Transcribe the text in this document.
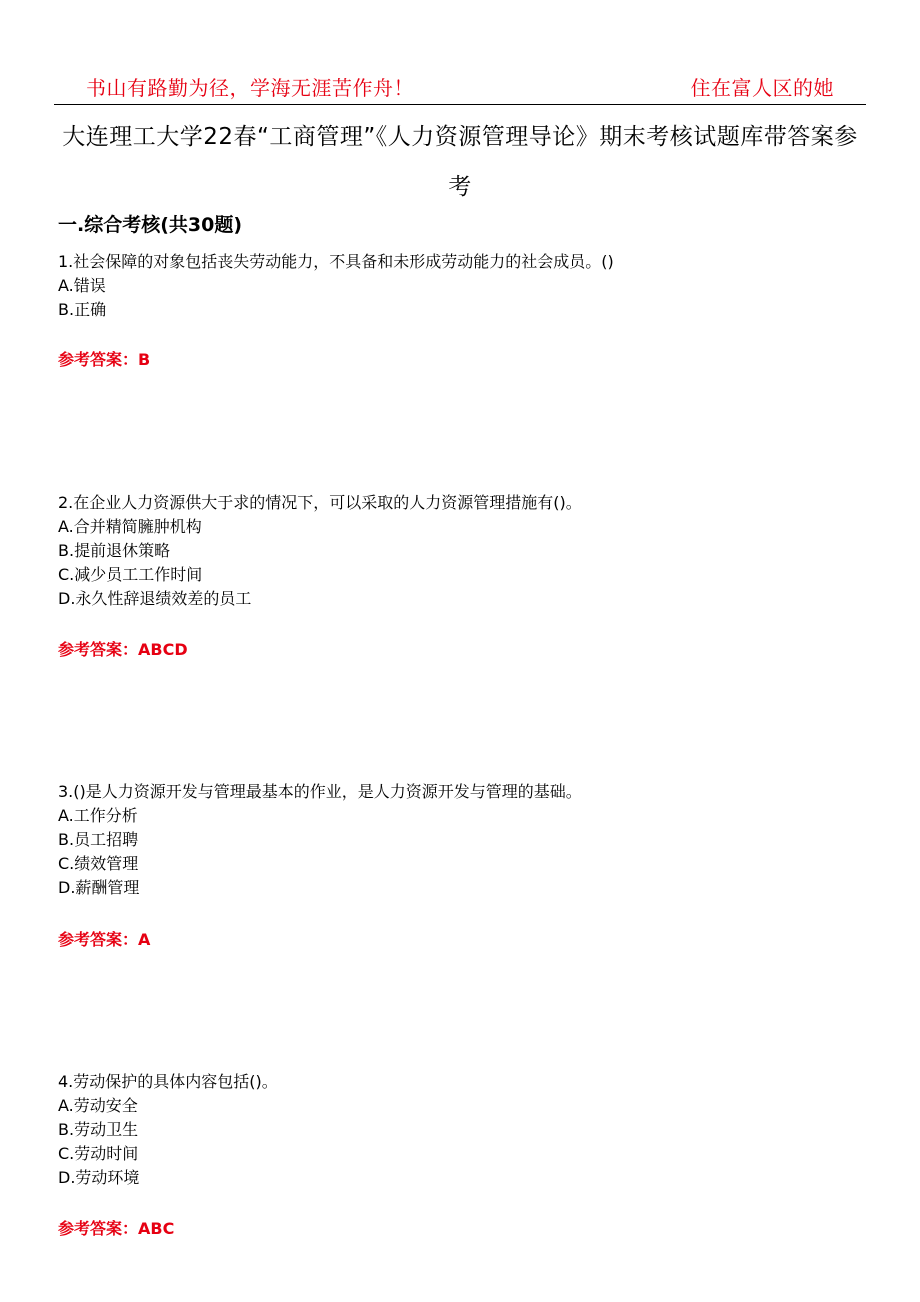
书山有路勤为径，学海无涯苦作舟！	住在富人区的她
大连理工大学22春“工商管理”《人力资源管理导论》期末考核试题库带答案参考
一.综合考核(共30题)
1.社会保障的对象包括丧失劳动能力，不具备和未形成劳动能力的社会成员。()
A.错误
B.正确
参考答案：B
2.在企业人力资源供大于求的情况下，可以采取的人力资源管理措施有()。
A.合并精简臃肿机构
B.提前退休策略
C.减少员工工作时间
D.永久性辞退绩效差的员工
参考答案：ABCD
3.()是人力资源开发与管理最基本的作业，是人力资源开发与管理的基础。
A.工作分析
B.员工招聘
C.绩效管理
D.薪酬管理
参考答案：A
4.劳动保护的具体内容包括()。
A.劳动安全
B.劳动卫生
C.劳动时间
D.劳动环境
参考答案：ABC
